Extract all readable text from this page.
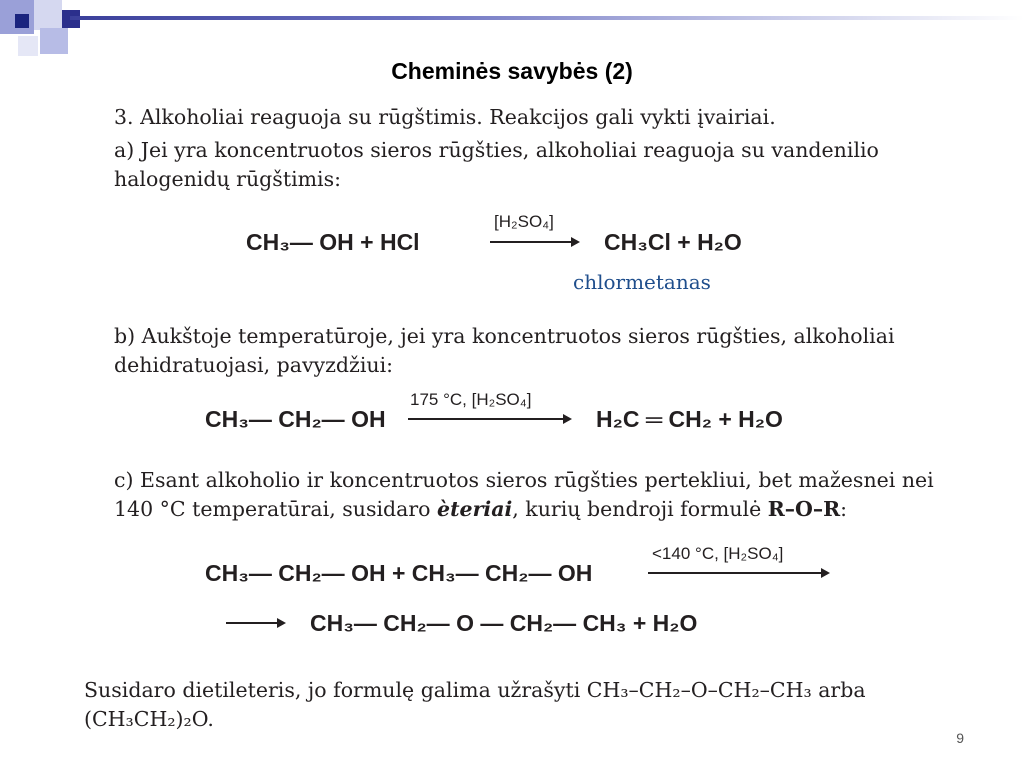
Cheminės savybės (2)
3. Alkoholiai reaguoja su rūgštimis. Reakcijos gali vykti įvairiai.
a) Jei yra koncentruotos sieros rūgšties, alkoholiai reaguoja su vandenilio halogenidų rūgštimis:
CH₃— OH + HCl
[H₂SO₄]
CH₃Cl + H₂O
chlormetanas
b) Aukštoje temperatūroje, jei yra koncentruotos sieros rūgšties, alkoholiai dehidratuojasi, pavyzdžiui:
CH₃— CH₂— OH
175 °C, [H₂SO₄]
H₂C ═ CH₂ + H₂O
c) Esant alkoholio ir koncentruotos sieros rūgšties pertekliui, bet mažesnei nei 140 °C temperatūrai, susidaro èteriai, kurių bendroji formulė R–O–R:
CH₃— CH₂— OH + CH₃— CH₂— OH
<140 °C, [H₂SO₄]
CH₃— CH₂— O — CH₂— CH₃ + H₂O
Susidaro dietileteris, jo formulę galima užrašyti CH₃–CH₂–O–CH₂–CH₃ arba (CH₃CH₂)₂O.
9
